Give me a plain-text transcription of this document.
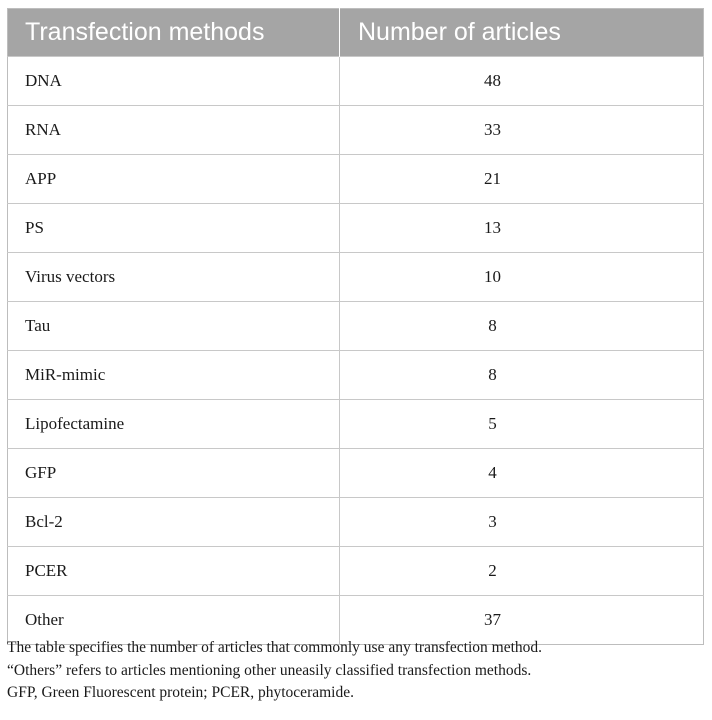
Transfection methods	Number of articles
DNA	48
RNA	33
APP	21
PS	13
Virus vectors	10
Tau	8
MiR-mimic	8
Lipofectamine	5
GFP	4
Bcl-2	3
PCER	2
Other	37

The table specifies the number of articles that commonly use any transfection method.

“Others” refers to articles mentioning other uneasily classified transfection methods.

GFP, Green Fluorescent protein; PCER, phytoceramide.
